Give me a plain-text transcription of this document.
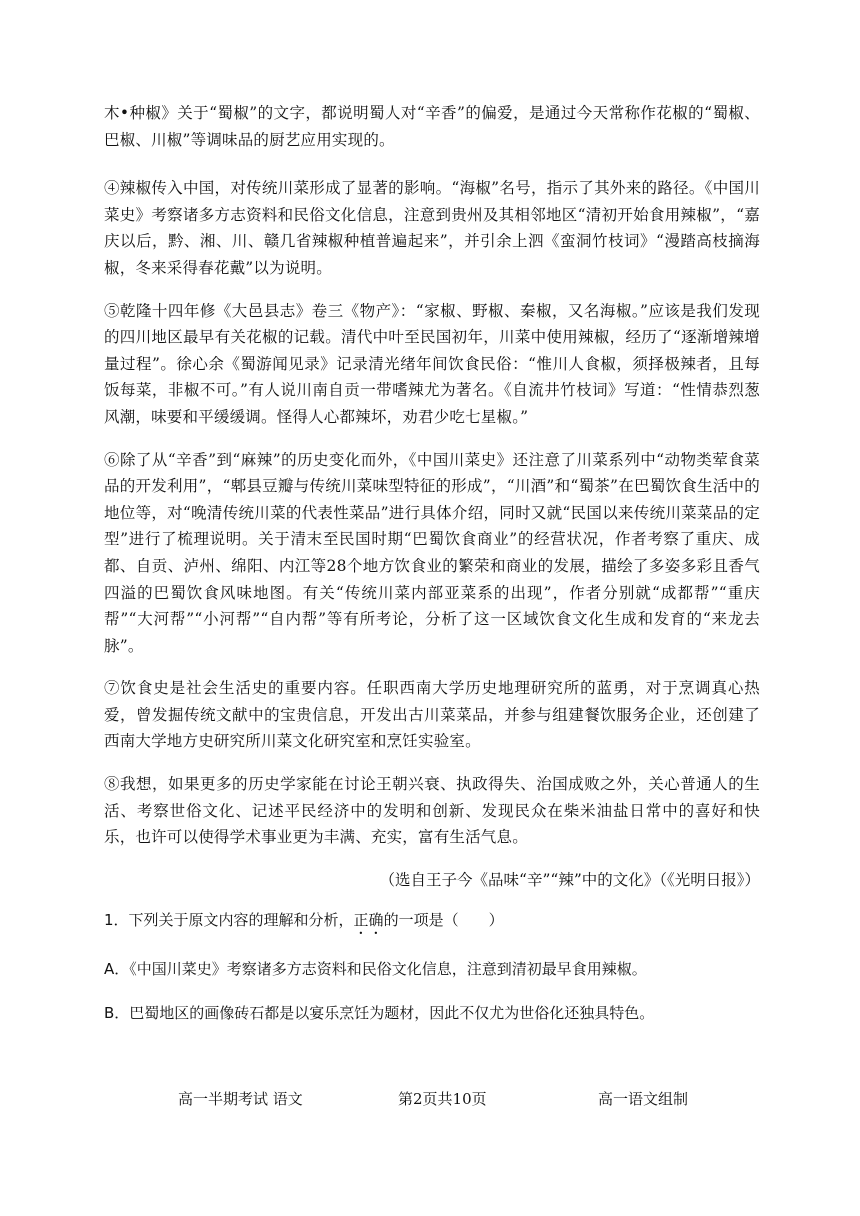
木•种椒》关于“蜀椒”的文字，都说明蜀人对“辛香”的偏爱，是通过今天常称作花椒的“蜀椒、巴椒、川椒”等调味品的厨艺应用实现的。

④辣椒传入中国，对传统川菜形成了显著的影响。“海椒”名号，指示了其外来的路径。《中国川菜史》考察诸多方志资料和民俗文化信息，注意到贵州及其相邻地区“清初开始食用辣椒”，“嘉庆以后，黔、湘、川、赣几省辣椒种植普遍起来”，并引余上泗《蛮洞竹枝词》“漫踏高枝摘海椒，冬来采得春花戴”以为说明。

⑤乾隆十四年修《大邑县志》卷三《物产》：“家椒、野椒、秦椒，又名海椒。”应该是我们发现的四川地区最早有关花椒的记载。清代中叶至民国初年，川菜中使用辣椒，经历了“逐渐增辣增量过程”。徐心余《蜀游闻见录》记录清光绪年间饮食民俗：“惟川人食椒，须择极辣者，且每饭每菜，非椒不可。”有人说川南自贡一带嗜辣尤为著名。《自流井竹枝词》写道：“性情恭烈葱风潮，味要和平缓缓调。怪得人心都辣坏，劝君少吃七星椒。”

⑥除了从“辛香”到“麻辣”的历史变化而外，《中国川菜史》还注意了川菜系列中“动物类荤食菜品的开发利用”，“郫县豆瓣与传统川菜味型特征的形成”，“川酒”和“蜀茶”在巴蜀饮食生活中的地位等，对“晚清传统川菜的代表性菜品”进行具体介绍，同时又就“民国以来传统川菜菜品的定型”进行了梳理说明。关于清末至民国时期“巴蜀饮食商业”的经营状况，作者考察了重庆、成都、自贡、泸州、绵阳、内江等28个地方饮食业的繁荣和商业的发展，描绘了多姿多彩且香气四溢的巴蜀饮食风味地图。有关“传统川菜内部亚菜系的出现”，作者分别就“成都帮”“重庆帮”“大河帮”“小河帮”“自内帮”等有所考论，分析了这一区域饮食文化生成和发育的“来龙去脉”。

⑦饮食史是社会生活史的重要内容。任职西南大学历史地理研究所的蓝勇，对于烹调真心热爱，曾发掘传统文献中的宝贵信息，开发出古川菜菜品，并参与组建餐饮服务企业，还创建了西南大学地方史研究所川菜文化研究室和烹饪实验室。

⑧我想，如果更多的历史学家能在讨论王朝兴衰、执政得失、治国成败之外，关心普通人的生活、考察世俗文化、记述平民经济中的发明和创新、发现民众在柴米油盐日常中的喜好和快乐，也许可以使得学术事业更为丰满、充实，富有生活气息。

（选自王子今《品味“辛”“辣”中的文化》（《光明日报》）

1．下列关于原文内容的理解和分析，正确的一项是（　　）

A．《中国川菜史》考察诸多方志资料和民俗文化信息，注意到清初最早食用辣椒。

B．巴蜀地区的画像砖石都是以宴乐烹饪为题材，因此不仅尤为世俗化还独具特色。

高一半期考试 语文	第2页共10页	高一语文组制
